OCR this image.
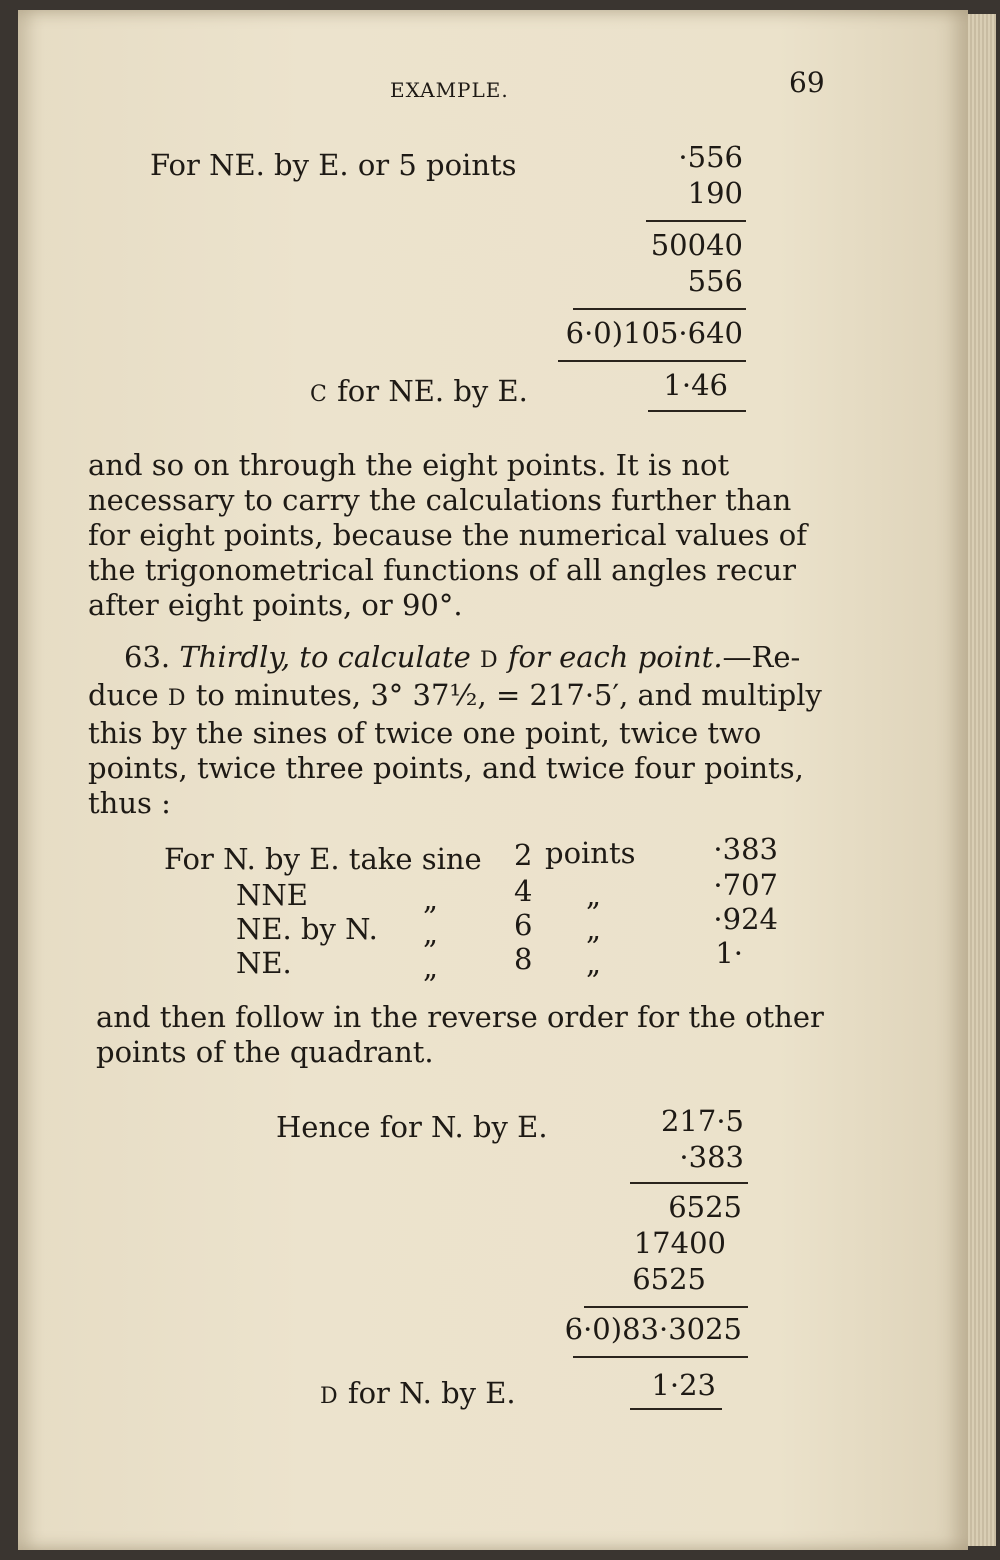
EXAMPLE.	69
For NE. by E. or 5 points	·556
190
50040
556
6·0)105·640
C for NE. by E.	1·46
and so on through the eight points. It is not
necessary to carry the calculations further than
for eight points, because the numerical values of
the trigonometrical functions of all angles recur
after eight points, or 90°.
63. Thirdly, to calculate D for each point.—Re-
duce D to minutes, 3° 37½, = 217·5′, and multiply
this by the sines of twice one point, twice two
points, twice three points, and twice four points,
thus :
For N. by E. take sine 2 points	·383
NNE	„	4 „	·707
NE. by N. „	6 „	·924
NE.	„	8 „	1·
and then follow in the reverse order for the other
points of the quadrant.
Hence for N. by E.	217·5
·383
6525
17400
6525
6·0)83·3025
D for N. by E.	1·23
